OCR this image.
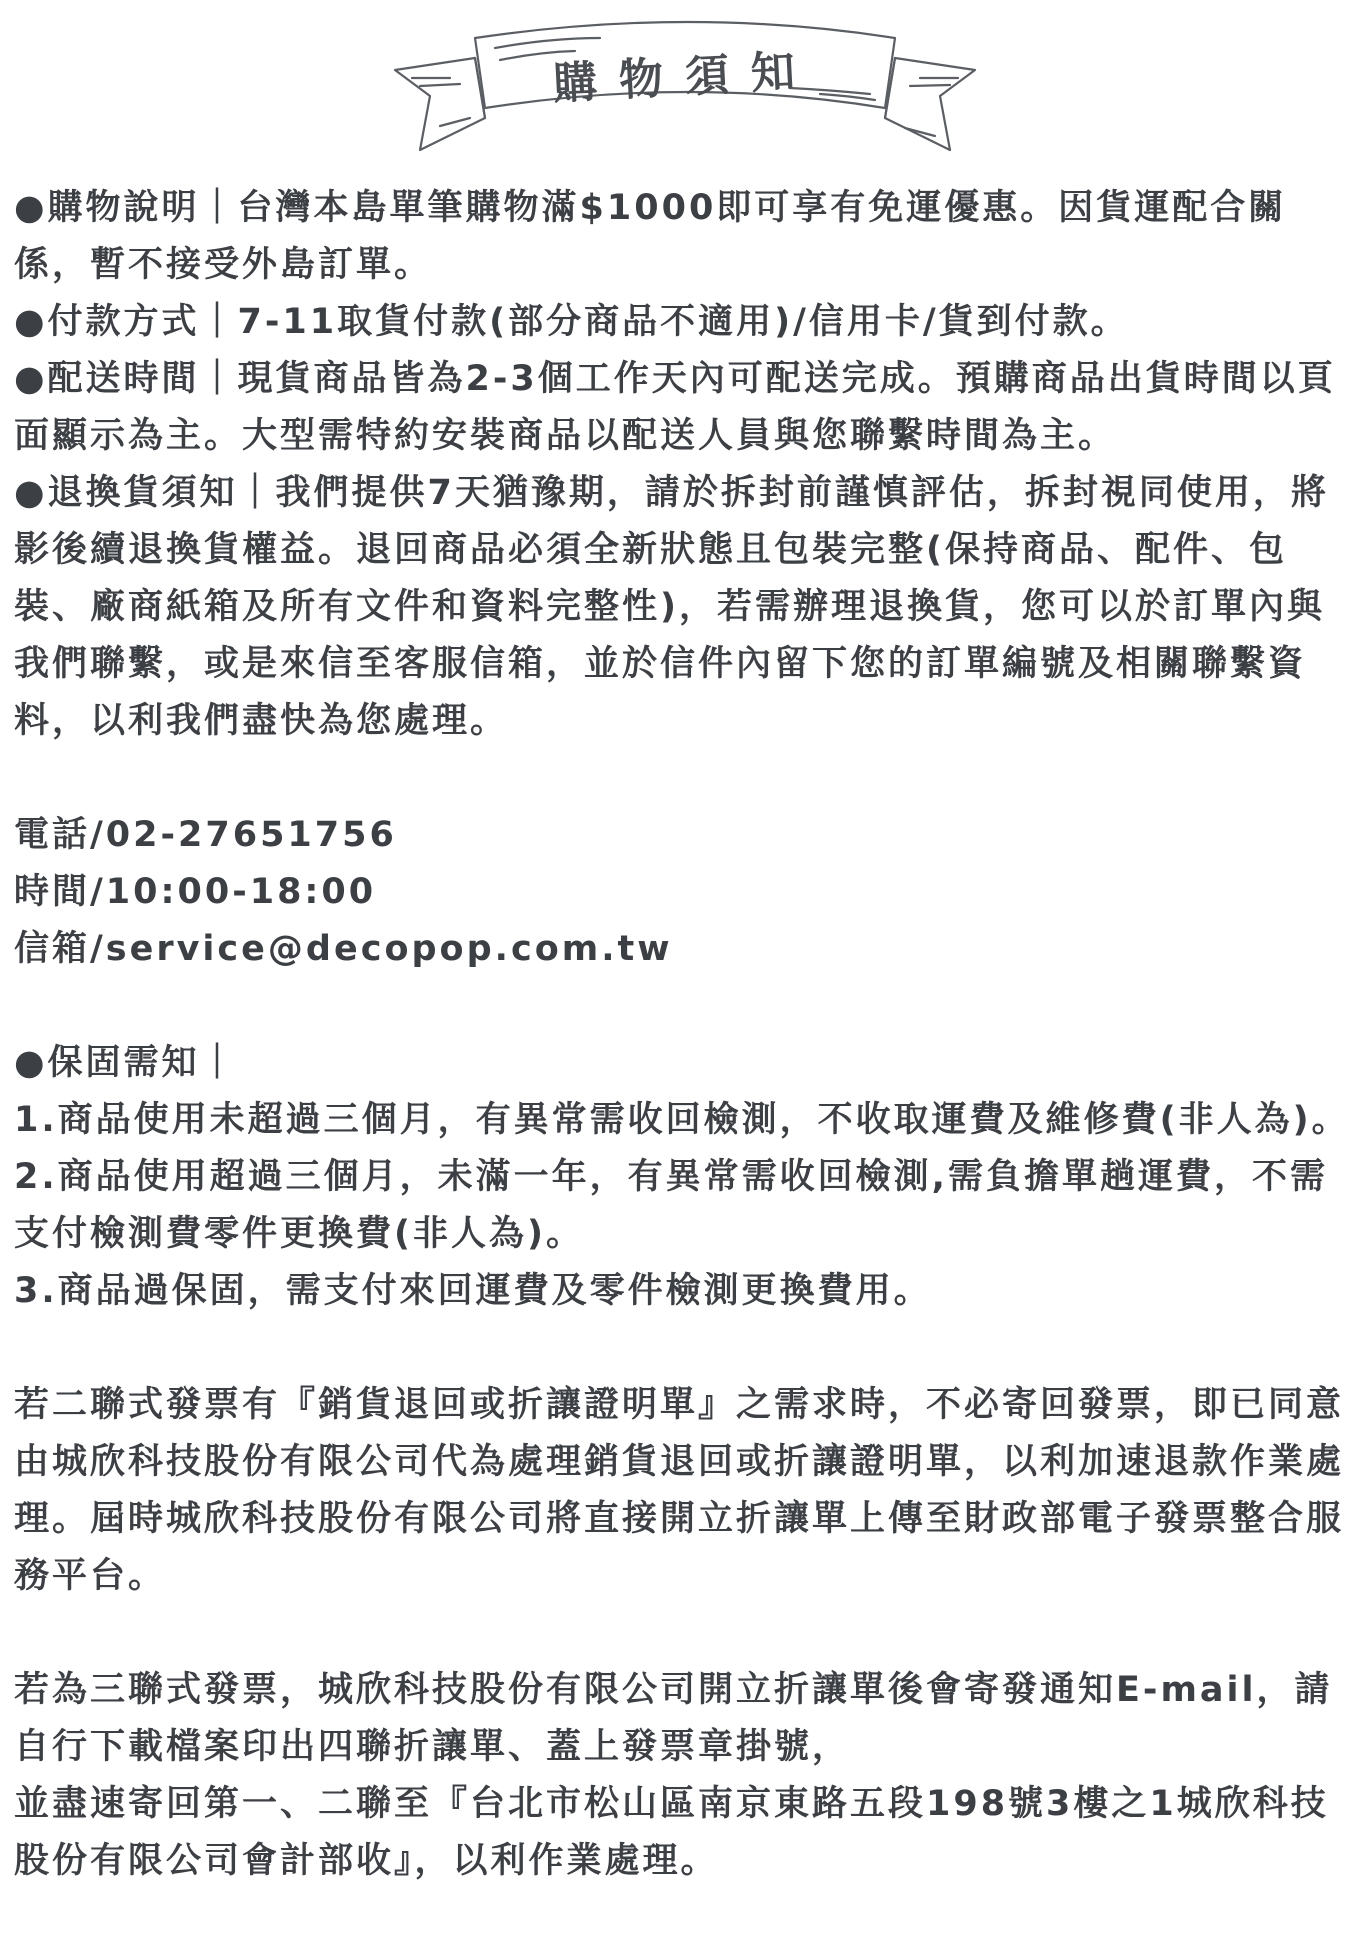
購物須知

●購物說明｜台灣本島單筆購物滿$1000即可享有免運優惠。因貨運配合關係，暫不接受外島訂單。

●付款方式｜7-11取貨付款(部分商品不適用)/信用卡/貨到付款。

●配送時間｜現貨商品皆為2-3個工作天內可配送完成。預購商品出貨時間以頁面顯示為主。大型需特約安裝商品以配送人員與您聯繫時間為主。

●退換貨須知｜我們提供7天猶豫期，請於拆封前謹慎評估，拆封視同使用，將影後續退換貨權益。退回商品必須全新狀態且包裝完整(保持商品、配件、包裝、廠商紙箱及所有文件和資料完整性)，若需辦理退換貨，您可以於訂單內與我們聯繫，或是來信至客服信箱，並於信件內留下您的訂單編號及相關聯繫資料，以利我們盡快為您處理。

電話/02-27651756

時間/10:00-18:00

信箱/service@decopop.com.tw

●保固需知｜

1.商品使用未超過三個月，有異常需收回檢測，不收取運費及維修費(非人為)。

2.商品使用超過三個月，未滿一年，有異常需收回檢測,需負擔單趟運費，不需支付檢測費零件更換費(非人為)。

3.商品過保固，需支付來回運費及零件檢測更換費用。

若二聯式發票有『銷貨退回或折讓證明單』之需求時，不必寄回發票，即已同意由城欣科技股份有限公司代為處理銷貨退回或折讓證明單，以利加速退款作業處理。屆時城欣科技股份有限公司將直接開立折讓單上傳至財政部電子發票整合服務平台。

若為三聯式發票，城欣科技股份有限公司開立折讓單後會寄發通知E-mail，請自行下載檔案印出四聯折讓單、蓋上發票章掛號，

並盡速寄回第一、二聯至『台北市松山區南京東路五段198號3樓之1城欣科技股份有限公司會計部收』，以利作業處理。
